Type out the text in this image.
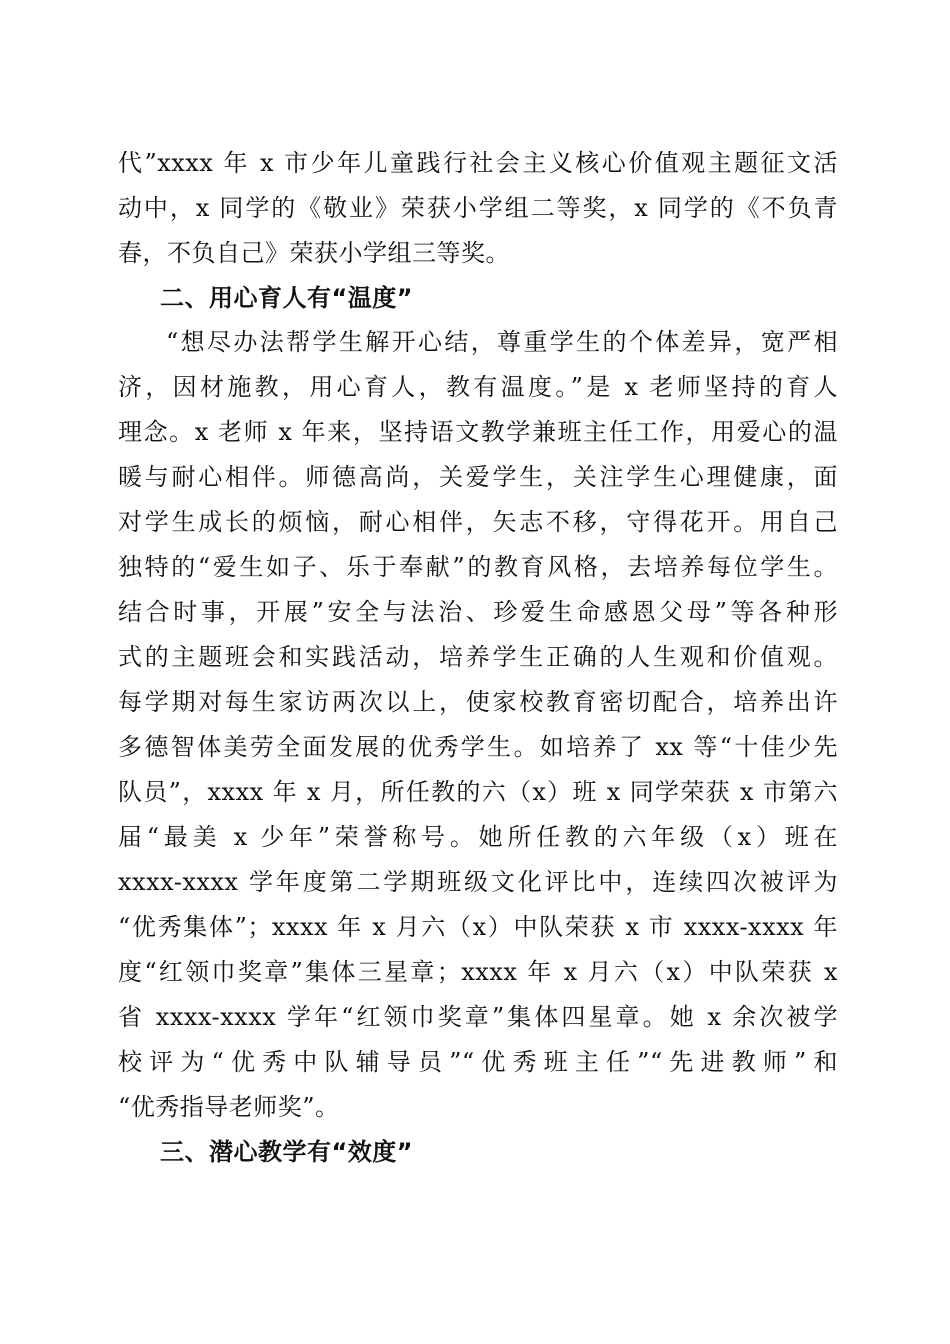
代”xxxx 年 x 市少年儿童践行社会主义核心价值观主题征文活
动中，x 同学的《敬业》荣获小学组二等奖，x 同学的《不负青
春，不负自己》荣获小学组三等奖。
二、用心育人有“温度”
“想尽办法帮学生解开心结，尊重学生的个体差异，宽严相
济，因材施教，用心育人，教有温度。”是 x 老师坚持的育人
理念。x 老师 x 年来，坚持语文教学兼班主任工作，用爱心的温
暖与耐心相伴。师德高尚，关爱学生，关注学生心理健康，面
对学生成长的烦恼，耐心相伴，矢志不移，守得花开。用自己
独特的“爱生如子、乐于奉献”的教育风格，去培养每位学生。
结合时事，开展”安全与法治、珍爱生命感恩父母”等各种形
式的主题班会和实践活动，培养学生正确的人生观和价值观。
每学期对每生家访两次以上，使家校教育密切配合，培养出许
多德智体美劳全面发展的优秀学生。如培养了 xx 等“十佳少先
队员”，xxxx 年 x 月，所任教的六（x）班 x 同学荣获 x 市第六
届“最美 x 少年”荣誉称号。她所任教的六年级（x）班在
xxxx-xxxx 学年度第二学期班级文化评比中，连续四次被评为
“优秀集体”；xxxx 年 x 月六（x）中队荣获 x 市 xxxx-xxxx 年
度“红领巾奖章”集体三星章；xxxx 年 x 月六（x）中队荣获 x
省 xxxx-xxxx 学年“红领巾奖章”集体四星章。她 x 余次被学
校评为“优秀中队辅导员”“优秀班主任”“先进教师”和
“优秀指导老师奖”。
三、潜心教学有“效度”
